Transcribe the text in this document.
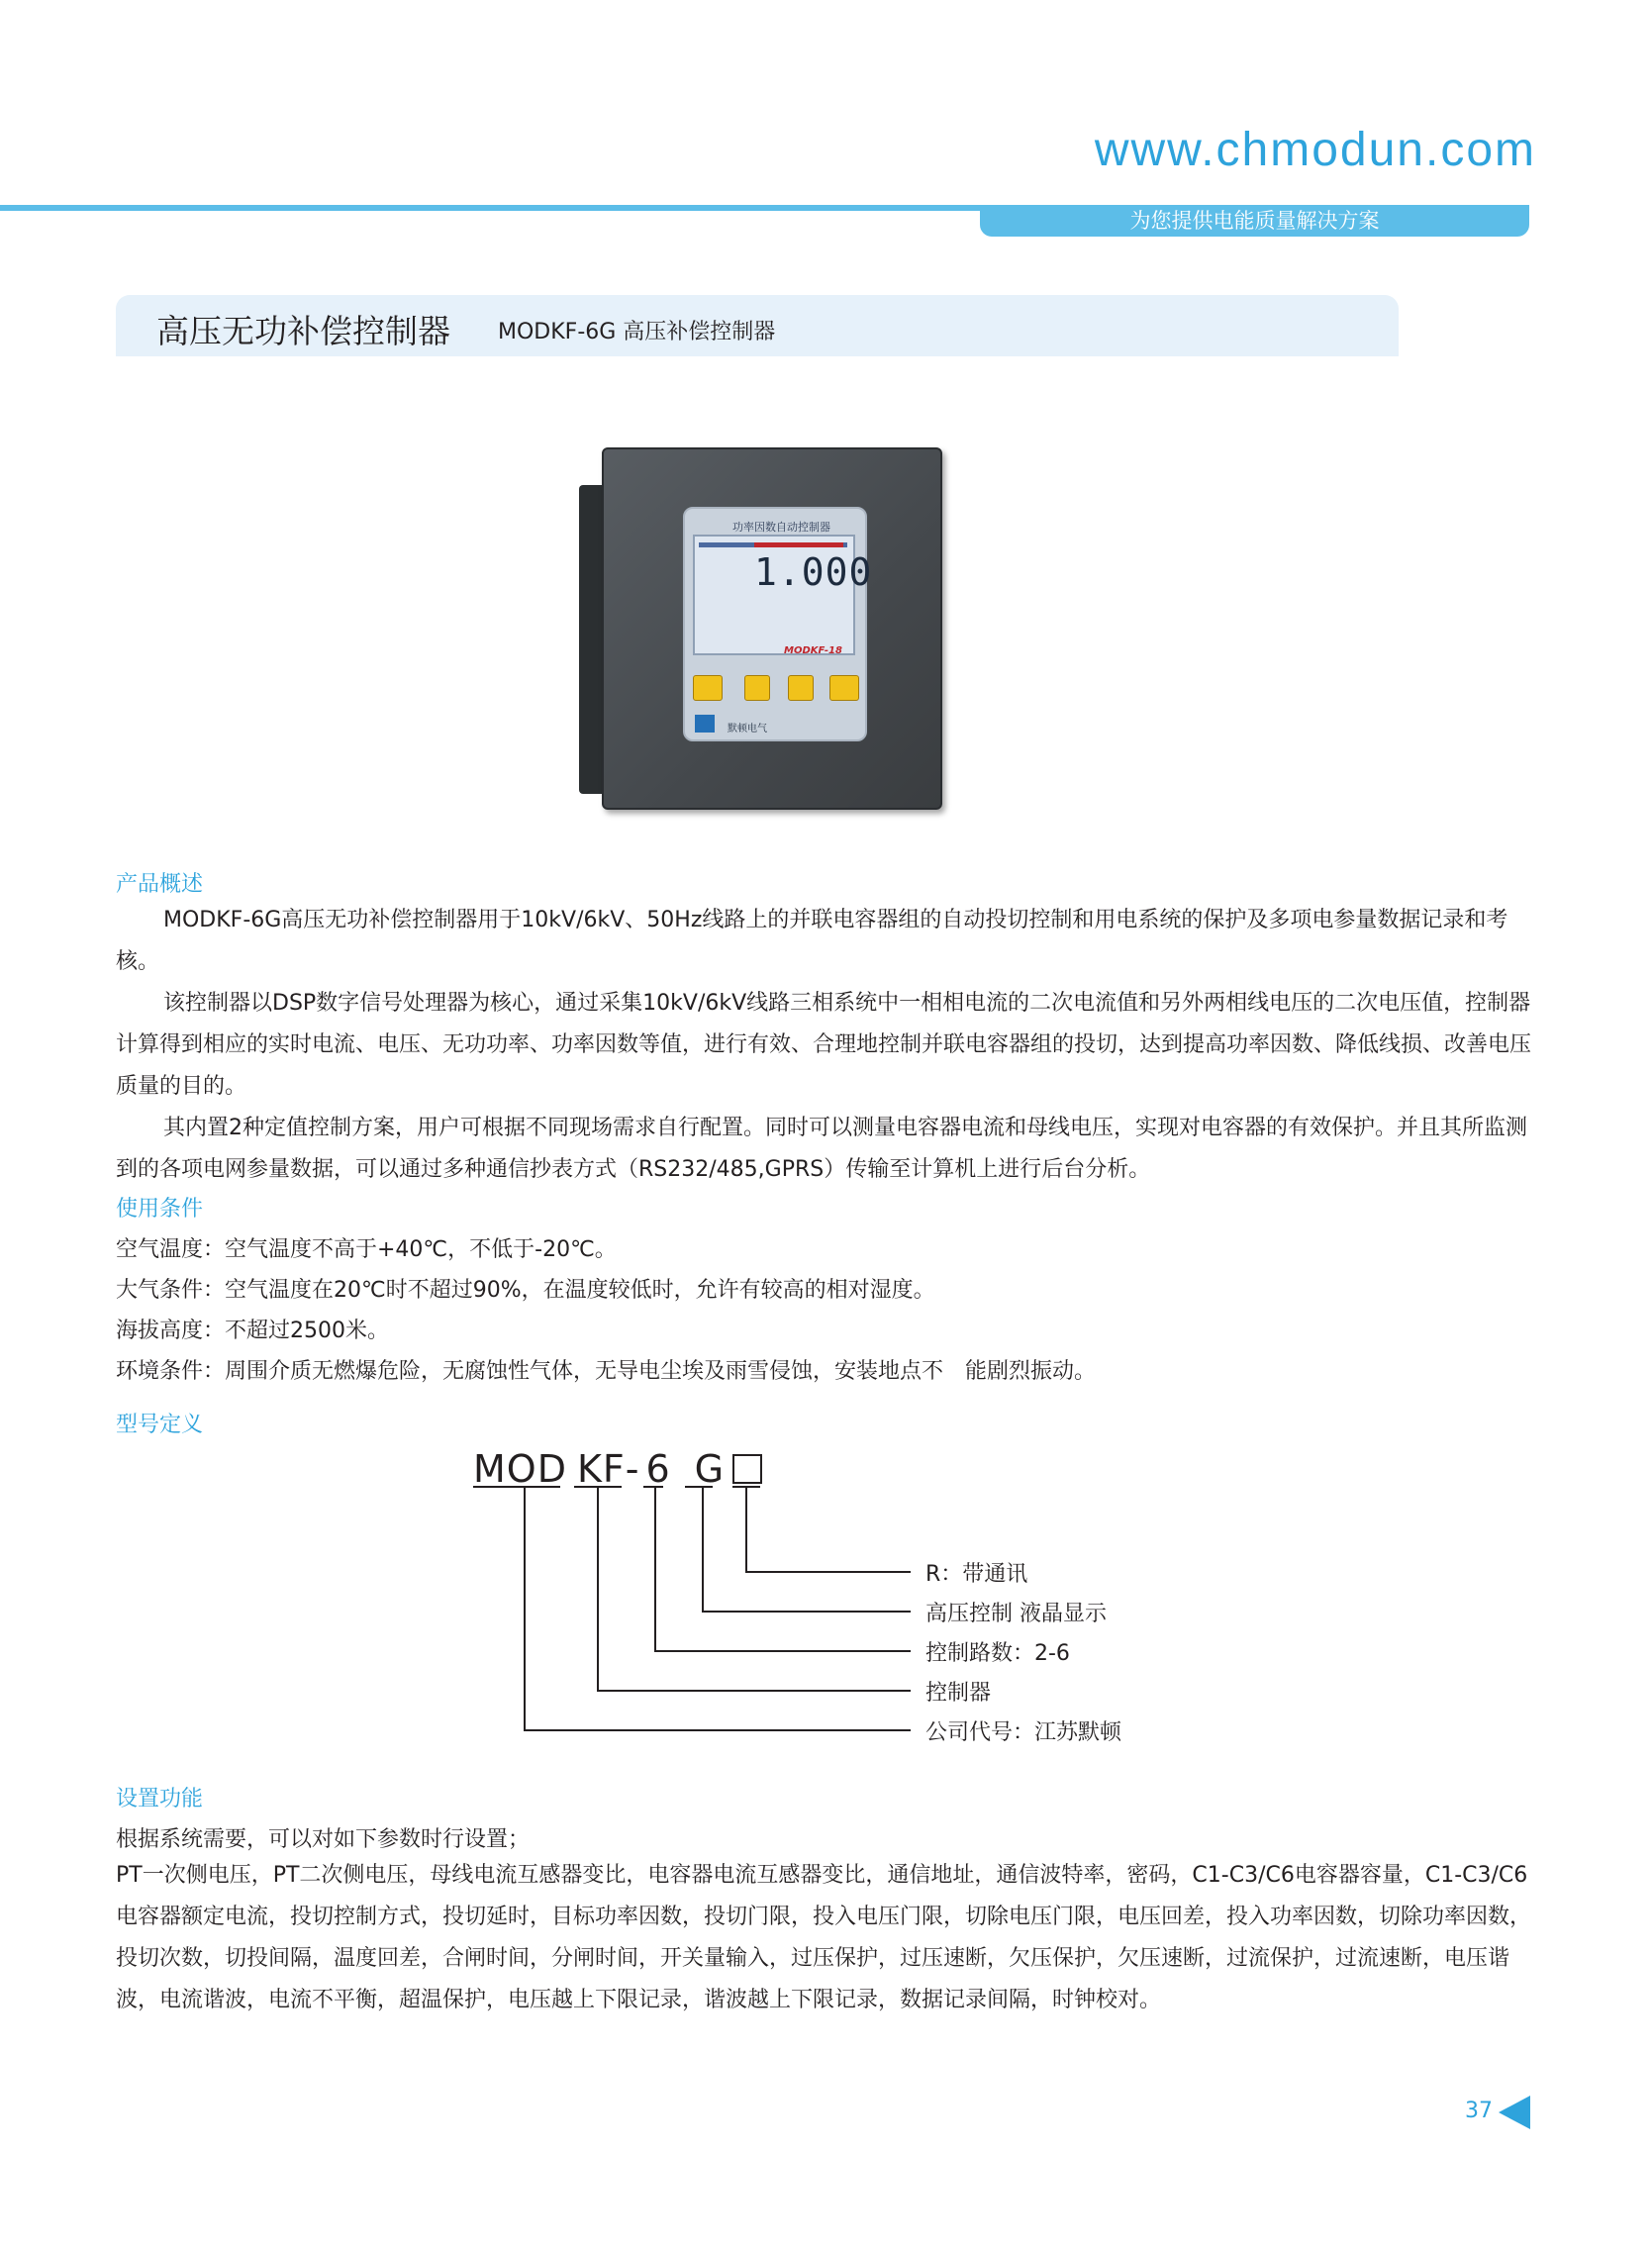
www.chmodun.com
为您提供电能质量解决方案
高压无功补偿控制器 MODKF-6G 高压补偿控制器
功率因数自动控制器
1.000
MODKF-18
默顿电气
产品概述

MODKF-6G高压无功补偿控制器用于10kV/6kV、50Hz线路上的并联电容器组的自动投切控制和用电系统的保护及多项电参量数据记录和考核。

该控制器以DSP数字信号处理器为核心，通过采集10kV/6kV线路三相系统中一相相电流的二次电流值和另外两相线电压的二次电压值，控制器计算得到相应的实时电流、电压、无功功率、功率因数等值，进行有效、合理地控制并联电容器组的投切，达到提高功率因数、降低线损、改善电压质量的目的。

其内置2种定值控制方案，用户可根据不同现场需求自行配置。同时可以测量电容器电流和母线电压，实现对电容器的有效保护。并且其所监测到的各项电网参量数据，可以通过多种通信抄表方式（RS232/485,GPRS）传输至计算机上进行后台分析。

使用条件
空气温度：空气温度不高于+40℃，不低于-20℃。
大气条件：空气温度在20℃时不超过90%，在温度较低时，允许有较高的相对湿度。
海拔高度：不超过2500米。
环境条件：周围介质无燃爆危险，无腐蚀性气体，无导电尘埃及雨雪侵蚀，安装地点不　能剧烈振动。
型号定义
MOD KF- 6 G
R：带通讯
高压控制 液晶显示
控制路数：2-6
控制器
公司代号：江苏默顿
设置功能
根据系统需要，可以对如下参数时行设置；

PT一次侧电压，PT二次侧电压，母线电流互感器变比，电容器电流互感器变比，通信地址，通信波特率，密码，C1-C3/C6电容器容量，C1-C3/C6电容器额定电流，投切控制方式，投切延时，目标功率因数，投切门限，投入电压门限，切除电压门限，电压回差，投入功率因数，切除功率因数，投切次数，切投间隔，温度回差，合闸时间，分闸时间，开关量输入，过压保护，过压速断，欠压保护，欠压速断，过流保护，过流速断，电压谐波，电流谐波，电流不平衡，超温保护，电压越上下限记录，谐波越上下限记录，数据记录间隔，时钟校对。

37
